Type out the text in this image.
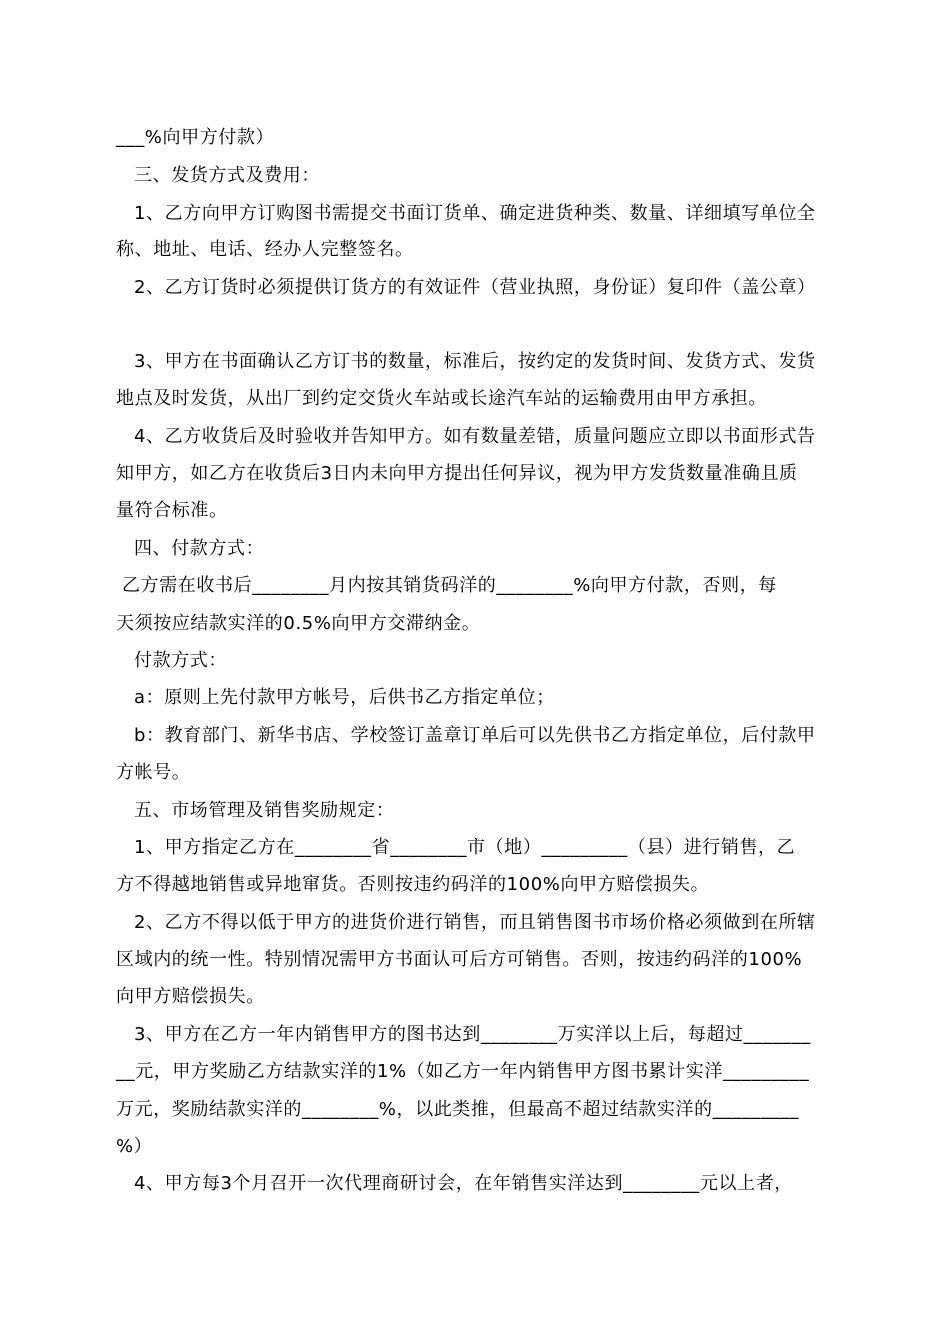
___%向甲方付款）
三、发货方式及费用：
1、乙方向甲方订购图书需提交书面订货单、确定进货种类、数量、详细填写单位全
称、地址、电话、经办人完整签名。
2、乙方订货时必须提供订货方的有效证件（营业执照，身份证）复印件（盖公章）
3、甲方在书面确认乙方订书的数量，标准后，按约定的发货时间、发货方式、发货
地点及时发货，从出厂到约定交货火车站或长途汽车站的运输费用由甲方承担。
4、乙方收货后及时验收并告知甲方。如有数量差错，质量问题应立即以书面形式告
知甲方，如乙方在收货后3日内未向甲方提出任何异议，视为甲方发货数量准确且质
量符合标准。
四、付款方式：
乙方需在收书后________月内按其销货码洋的________%向甲方付款，否则，每
天须按应结款实洋的0.5%向甲方交滞纳金。
付款方式：
a：原则上先付款甲方帐号，后供书乙方指定单位；
b：教育部门、新华书店、学校签订盖章订单后可以先供书乙方指定单位，后付款甲
方帐号。
五、市场管理及销售奖励规定：
1、甲方指定乙方在________省________市（地）_________（县）进行销售，乙
方不得越地销售或异地窜货。否则按违约码洋的100%向甲方赔偿损失。
2、乙方不得以低于甲方的进货价进行销售，而且销售图书市场价格必须做到在所辖
区域内的统一性。特别情况需甲方书面认可后方可销售。否则，按违约码洋的100%
向甲方赔偿损失。
3、甲方在乙方一年内销售甲方的图书达到________万实洋以上后，每超过_______
__元，甲方奖励乙方结款实洋的1%（如乙方一年内销售甲方图书累计实洋_________
万元，奖励结款实洋的________%，以此类推，但最高不超过结款实洋的_________
%）
4、甲方每3个月召开一次代理商研讨会，在年销售实洋达到________元以上者，
